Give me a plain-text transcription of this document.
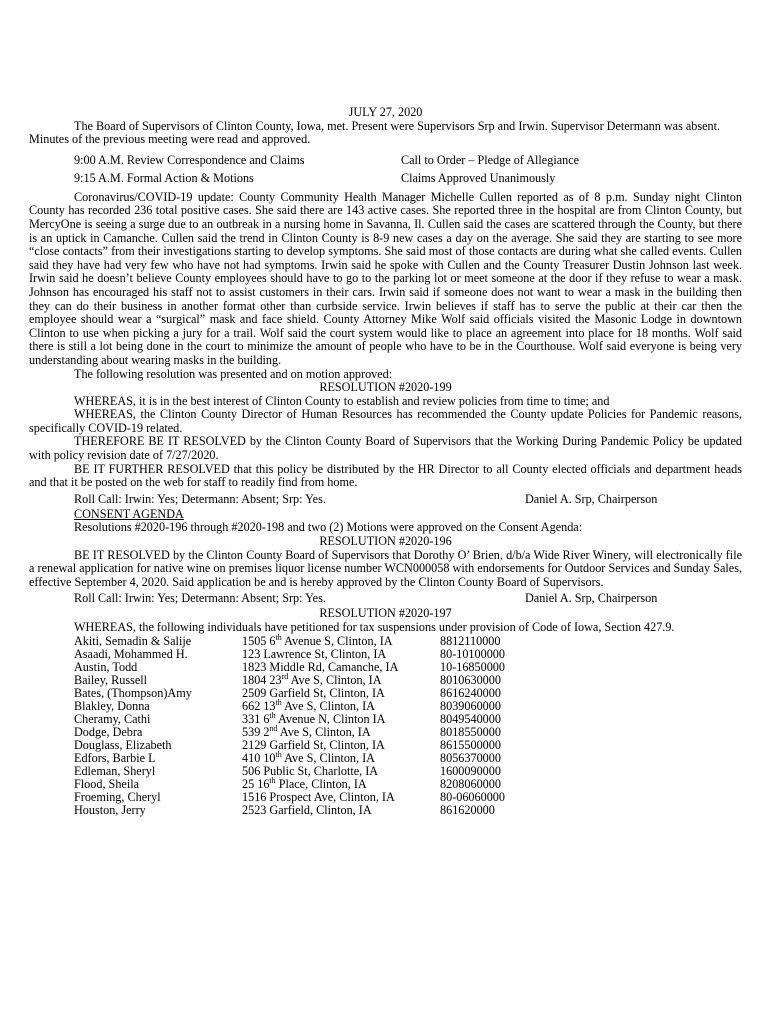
JULY 27, 2020
The Board of Supervisors of Clinton County, Iowa, met. Present were Supervisors Srp and Irwin. Supervisor Determann was absent. Minutes of the previous meeting were read and approved.
9:00 A.M. Review Correspondence and Claims	Call to Order – Pledge of Allegiance
9:15 A.M. Formal Action & Motions	Claims Approved Unanimously
Coronavirus/COVID-19 update: County Community Health Manager Michelle Cullen reported as of 8 p.m. Sunday night Clinton County has recorded 236 total positive cases. She said there are 143 active cases. She reported three in the hospital are from Clinton County, but MercyOne is seeing a surge due to an outbreak in a nursing home in Savanna, Il. Cullen said the cases are scattered through the County, but there is an uptick in Camanche. Cullen said the trend in Clinton County is 8-9 new cases a day on the average. She said they are starting to see more “close contacts” from their investigations starting to develop symptoms. She said most of those contacts are during what she called events. Cullen said they have had very few who have not had symptoms. Irwin said he spoke with Cullen and the County Treasurer Dustin Johnson last week. Irwin said he doesn’t believe County employees should have to go to the parking lot or meet someone at the door if they refuse to wear a mask. Johnson has encouraged his staff not to assist customers in their cars. Irwin said if someone does not want to wear a mask in the building then they can do their business in another format other than curbside service. Irwin believes if staff has to serve the public at their car then the employee should wear a “surgical” mask and face shield. County Attorney Mike Wolf said officials visited the Masonic Lodge in downtown Clinton to use when picking a jury for a trail. Wolf said the court system would like to place an agreement into place for 18 months. Wolf said there is still a lot being done in the court to minimize the amount of people who have to be in the Courthouse. Wolf said everyone is being very understanding about wearing masks in the building.
The following resolution was presented and on motion approved:
RESOLUTION #2020-199
WHEREAS, it is in the best interest of Clinton County to establish and review policies from time to time; and
WHEREAS, the Clinton County Director of Human Resources has recommended the County update Policies for Pandemic reasons, specifically COVID-19 related.
THEREFORE BE IT RESOLVED by the Clinton County Board of Supervisors that the Working During Pandemic Policy be updated with policy revision date of 7/27/2020.
BE IT FURTHER RESOLVED that this policy be distributed by the HR Director to all County elected officials and department heads and that it be posted on the web for staff to readily find from home.
Roll Call: Irwin: Yes; Determann: Absent; Srp: Yes.	Daniel A. Srp, Chairperson
CONSENT AGENDA
Resolutions #2020-196 through #2020-198 and two (2) Motions were approved on the Consent Agenda:
RESOLUTION #2020-196
BE IT RESOLVED by the Clinton County Board of Supervisors that Dorothy O’ Brien, d/b/a Wide River Winery, will electronically file a renewal application for native wine on premises liquor license number WCN000058 with endorsements for Outdoor Services and Sunday Sales, effective September 4, 2020. Said application be and is hereby approved by the Clinton County Board of Supervisors.
Roll Call: Irwin: Yes; Determann: Absent; Srp: Yes.	Daniel A. Srp, Chairperson
RESOLUTION #2020-197
WHEREAS, the following individuals have petitioned for tax suspensions under provision of Code of Iowa, Section 427.9.
Akiti, Semadin & Salije	1505 6th Avenue S, Clinton, IA	8812110000
Asaadi, Mohammed H.	123 Lawrence St, Clinton, IA	80-10100000
Austin, Todd	1823 Middle Rd, Camanche, IA	10-16850000
Bailey, Russell	1804 23rd Ave S, Clinton, IA	8010630000
Bates, (Thompson)Amy	2509 Garfield St, Clinton, IA	8616240000
Blakley, Donna	662 13th Ave S, Clinton, IA	8039060000
Cheramy, Cathi	331 6th Avenue N, Clinton IA	8049540000
Dodge, Debra	539 2nd Ave S, Clinton, IA	8018550000
Douglass, Elizabeth	2129 Garfield St, Clinton, IA	8615500000
Edfors, Barbie L	410 10th Ave S, Clinton, IA	8056370000
Edleman, Sheryl	506 Public St, Charlotte, IA	1600090000
Flood, Sheila	25 16th Place, Clinton, IA	8208060000
Froeming, Cheryl	1516 Prospect Ave, Clinton, IA	80-06060000
Houston, Jerry	2523 Garfield, Clinton, IA	861620000
